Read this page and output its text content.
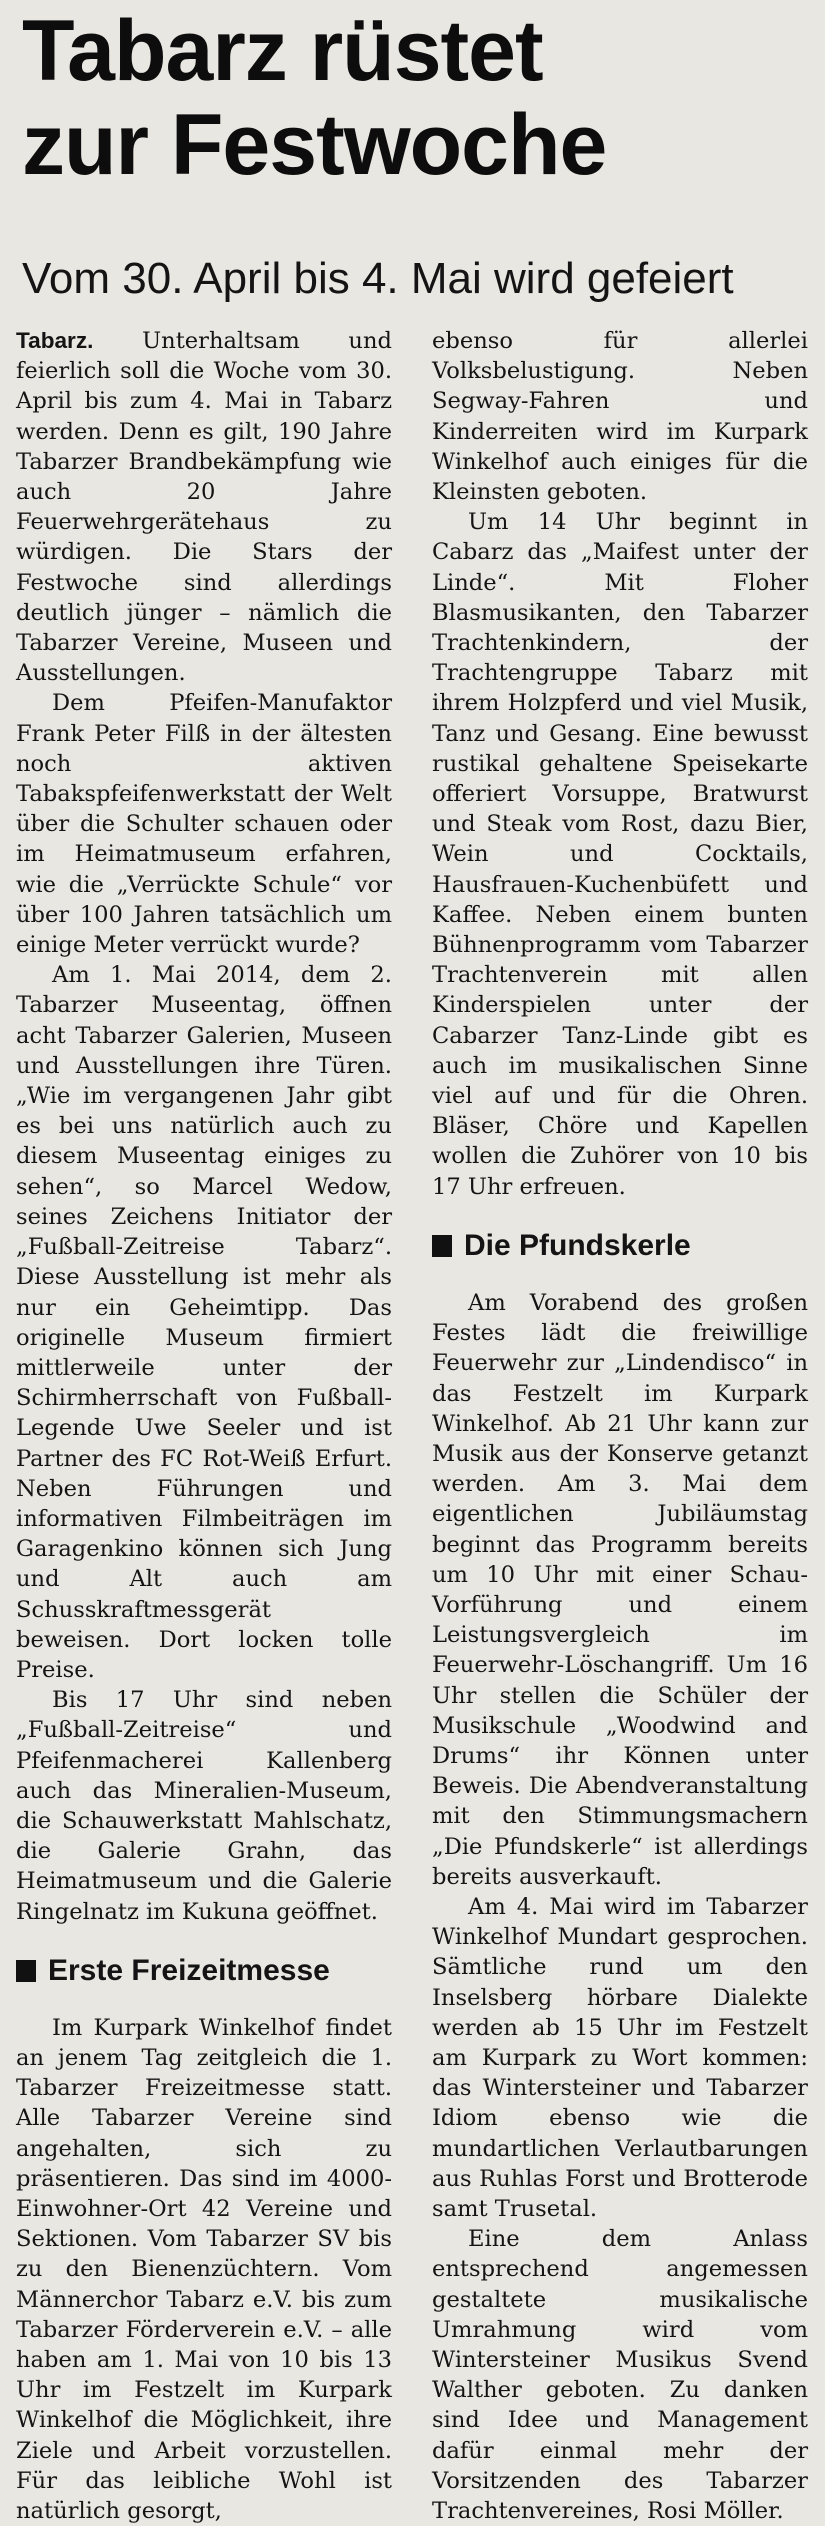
Tabarz rüstet
zur Festwoche
Vom 30. April bis 4. Mai wird gefeiert

Tabarz. Unterhaltsam und feierlich soll die Woche vom 30. April bis zum 4. Mai in Tabarz werden. Denn es gilt, 190 Jahre Tabarzer Brandbekämpfung wie auch 20 Jahre Feuerwehrgerätehaus zu würdigen. Die Stars der Festwoche sind allerdings deutlich jünger – nämlich die Tabarzer Vereine, Museen und Ausstellungen.

Dem Pfeifen-Manufaktor Frank Peter Filß in der ältesten noch aktiven Tabakspfeifenwerkstatt der Welt über die Schulter schauen oder im Heimatmuseum erfahren, wie die „Verrückte Schule“ vor über 100 Jahren tatsächlich um einige Meter verrückt wurde?

Am 1. Mai 2014, dem 2. Tabarzer Museentag, öffnen acht Tabarzer Galerien, Museen und Ausstellungen ihre Türen. „Wie im vergangenen Jahr gibt es bei uns natürlich auch zu diesem Museentag einiges zu sehen“, so Marcel Wedow, seines Zeichens Initiator der „Fußball-Zeitreise Tabarz“. Diese Ausstellung ist mehr als nur ein Geheimtipp. Das originelle Museum firmiert mittlerweile unter der Schirmherrschaft von Fußball-Legende Uwe Seeler und ist Partner des FC Rot-Weiß Erfurt. Neben Führungen und informativen Filmbeiträgen im Garagenkino können sich Jung und Alt auch am Schusskraftmessgerät beweisen. Dort locken tolle Preise.

Bis 17 Uhr sind neben „Fußball-Zeitreise“ und Pfeifenmacherei Kallenberg auch das Mineralien-Museum, die Schauwerkstatt Mahlschatz, die Galerie Grahn, das Heimatmuseum und die Galerie Ringelnatz im Kukuna geöffnet.

Erste Freizeitmesse

Im Kurpark Winkelhof findet an jenem Tag zeitgleich die 1. Tabarzer Freizeitmesse statt. Alle Tabarzer Vereine sind angehalten, sich zu präsentieren. Das sind im 4000-Einwohner-Ort 42 Vereine und Sektionen. Vom Tabarzer SV bis zu den Bienenzüchtern. Vom Männerchor Tabarz e.V. bis zum Tabarzer Förderverein e.V. – alle haben am 1. Mai von 10 bis 13 Uhr im Festzelt im Kurpark Winkelhof die Möglichkeit, ihre Ziele und Arbeit vorzustellen. Für das leibliche Wohl ist natürlich gesorgt,

ebenso für allerlei Volksbelustigung. Neben Segway-Fahren und Kinderreiten wird im Kurpark Winkelhof auch einiges für die Kleinsten geboten.

Um 14 Uhr beginnt in Cabarz das „Maifest unter der Linde“. Mit Floher Blasmusikanten, den Tabarzer Trachtenkindern, der Trachtengruppe Tabarz mit ihrem Holzpferd und viel Musik, Tanz und Gesang. Eine bewusst rustikal gehaltene Speisekarte offeriert Vorsuppe, Bratwurst und Steak vom Rost, dazu Bier, Wein und Cocktails, Hausfrauen-Kuchenbüfett und Kaffee. Neben einem bunten Bühnenprogramm vom Tabarzer Trachtenverein mit allen Kinderspielen unter der Cabarzer Tanz-Linde gibt es auch im musikalischen Sinne viel auf und für die Ohren. Bläser, Chöre und Kapellen wollen die Zuhörer von 10 bis 17 Uhr erfreuen.

Die Pfundskerle

Am Vorabend des großen Festes lädt die freiwillige Feuerwehr zur „Lindendisco“ in das Festzelt im Kurpark Winkelhof. Ab 21 Uhr kann zur Musik aus der Konserve getanzt werden. Am 3. Mai dem eigentlichen Jubiläumstag beginnt das Programm bereits um 10 Uhr mit einer Schau-Vorführung und einem Leistungsvergleich im Feuerwehr-Löschangriff. Um 16 Uhr stellen die Schüler der Musikschule „Woodwind and Drums“ ihr Können unter Beweis. Die Abendveranstaltung mit den Stimmungsmachern „Die Pfundskerle“ ist allerdings bereits ausverkauft.

Am 4. Mai wird im Tabarzer Winkelhof Mundart gesprochen. Sämtliche rund um den Inselsberg hörbare Dialekte werden ab 15 Uhr im Festzelt am Kurpark zu Wort kommen: das Wintersteiner und Tabarzer Idiom ebenso wie die mundartlichen Verlautbarungen aus Ruhlas Forst und Brotterode samt Trusetal.

Eine dem Anlass entsprechend angemessen gestaltete musikalische Umrahmung wird vom Wintersteiner Musikus Svend Walther geboten. Zu danken sind Idee und Management dafür einmal mehr der Vorsitzenden des Tabarzer Trachtenvereines, Rosi Möller.
